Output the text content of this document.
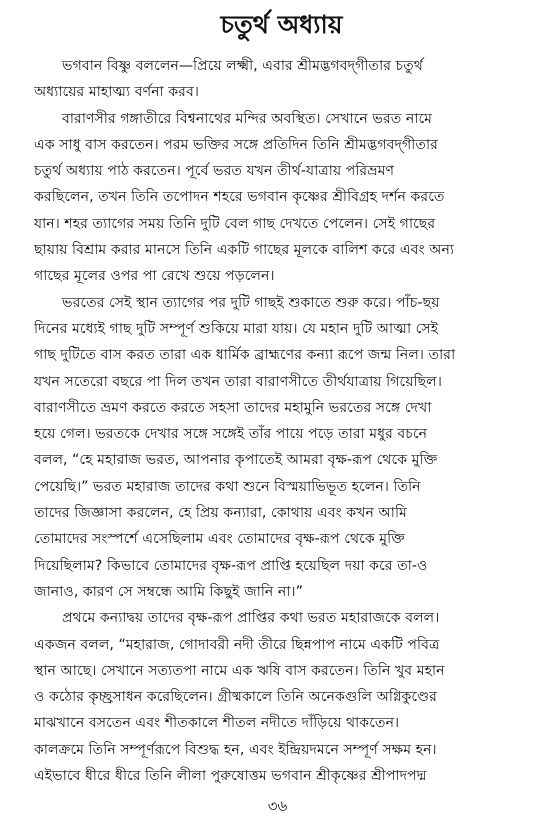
চতুর্থ অধ্যায়
ভগবান বিষ্ণু বললেন—প্রিয়ে লক্ষ্মী, এবার শ্রীমদ্ভগবদ্‌গীতার চতুর্থ
অধ্যায়ের মাহাত্ম্য বর্ণনা করব।
বারাণসীর গঙ্গাতীরে বিশ্বনাথের মন্দির অবস্থিত। সেখানে ভরত নামে
এক সাধু বাস করতেন। পরম ভক্তির সঙ্গে প্রতিদিন তিনি শ্রীমদ্ভগবদ্‌গীতার
চতুর্থ অধ্যায় পাঠ করতেন। পূর্বে ভরত যখন তীর্থ-যাত্রায় পরিভ্রমণ
করছিলেন, তখন তিনি তপোদন শহরে ভগবান কৃষ্ণের শ্রীবিগ্রহ দর্শন করতে
যান। শহর ত্যাগের সময় তিনি দুটি বেল গাছ দেখতে পেলেন। সেই গাছের
ছায়ায় বিশ্রাম করার মানসে তিনি একটি গাছের মূলকে বালিশ করে এবং অন্য
গাছের মূলের ওপর পা রেখে শুয়ে পড়লেন।
ভরতের সেই স্থান ত্যাগের পর দুটি গাছই শুকাতে শুরু করে। পাঁচ-ছয়
দিনের মধ্যেই গাছ দুটি সম্পূর্ণ শুকিয়ে মারা যায়। যে মহান দুটি আত্মা সেই
গাছ দুটিতে বাস করত তারা এক ধার্মিক ব্রাহ্মণের কন্যা রূপে জন্ম নিল। তারা
যখন সতেরো বছরে পা দিল তখন তারা বারাণসীতে তীর্থযাত্রায় গিয়েছিল।
বারাণসীতে ভ্রমণ করতে করতে সহসা তাদের মহামুনি ভরতের সঙ্গে দেখা
হয়ে গেল। ভরতকে দেখার সঙ্গে সঙ্গেই তাঁর পায়ে পড়ে তারা মধুর বচনে
বলল, “হে মহারাজ ভরত, আপনার কৃপাতেই আমরা বৃক্ষ-রূপ থেকে মুক্তি
পেয়েছি।” ভরত মহারাজ তাদের কথা শুনে বিস্ময়াভিভূত হলেন। তিনি
তাদের জিজ্ঞাসা করলেন, হে প্রিয় কন্যারা, কোথায় এবং কখন আমি
তোমাদের সংস্পর্শে এসেছিলাম এবং তোমাদের বৃক্ষ-রূপ থেকে মুক্তি
দিয়েছিলাম? কিভাবে তোমাদের বৃক্ষ-রূপ প্রাপ্তি হয়েছিল দয়া করে তা-ও
জানাও, কারণ সে সম্বন্ধে আমি কিছুই জানি না।”
প্রথমে কন্যাদ্বয় তাদের বৃক্ষ-রূপ প্রাপ্তির কথা ভরত মহারাজকে বলল।
একজন বলল, “মহারাজ, গোদাবরী নদী তীরে ছিন্নপাপ নামে একটি পবিত্র
স্থান আছে। সেখানে সত্যতপা নামে এক ঋষি বাস করতেন। তিনি খুব মহান
ও কঠোর কৃচ্ছ্রসাধন করেছিলেন। গ্রীষ্মকালে তিনি অনেকগুলি অগ্নিকুণ্ডের
মাঝখানে বসতেন এবং শীতকালে শীতল নদীতে দাঁড়িয়ে থাকতেন।
কালক্রমে তিনি সম্পূর্ণরূপে বিশুদ্ধ হন, এবং ইন্দ্রিয়দমনে সম্পূর্ণ সক্ষম হন।
এইভাবে ধীরে ধীরে তিনি লীলা পুরুষোত্তম ভগবান শ্রীকৃষ্ণের শ্রীপাদপদ্ম
৩৬
